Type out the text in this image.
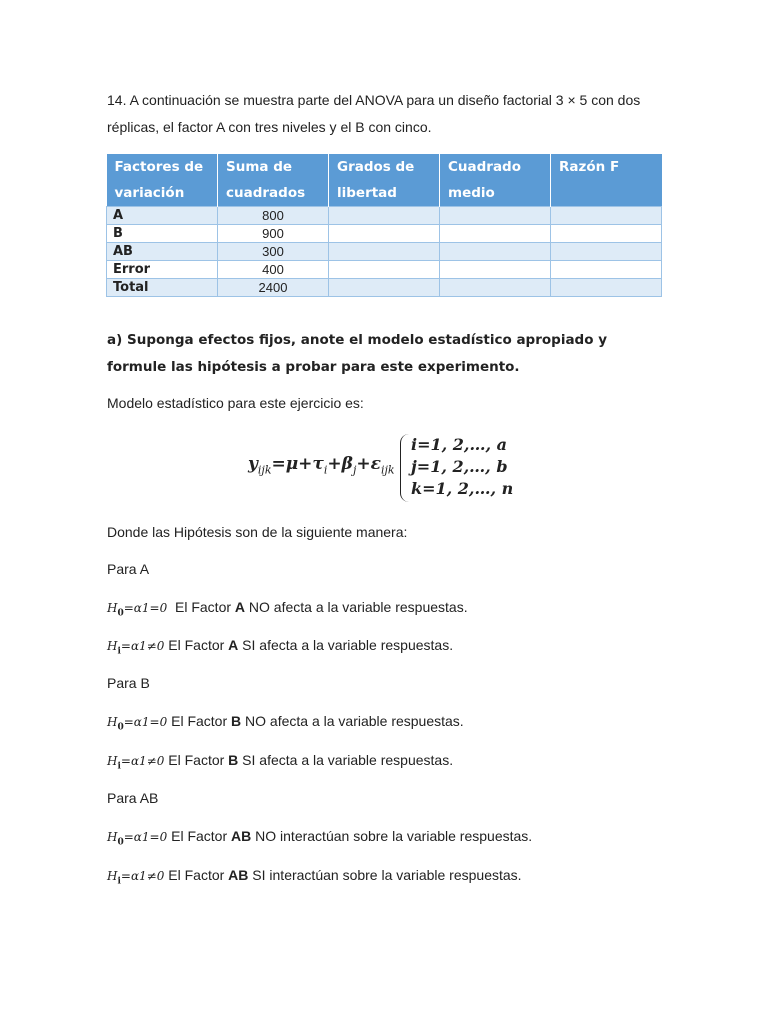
14. A continuación se muestra parte del ANOVA para un diseño factorial 3 × 5 con dos réplicas, el factor A con tres niveles y el B con cinco.
Factores de variación	Suma de cuadrados	Grados de libertad	Cuadrado medio	Razón F
A	800			
B	900			
AB	300			
Error	400			
Total	2400			
a) Suponga efectos fijos, anote el modelo estadístico apropiado y formule las hipótesis a probar para este experimento.
Modelo estadístico para este ejercicio es:
$y_{ijk}=\mu+\tau_i+\beta_j+\varepsilon_{ijk}$
i=1, 2,…, a
j=1, 2,…, b
k=1, 2,…, n
Donde las Hipótesis son de la siguiente manera:
Para A
$H_0=\alpha 1=0$  El Factor A NO afecta a la variable respuestas.
$H_i=\alpha 1\ne 0$ El Factor A SI afecta a la variable respuestas.
Para B
$H_0=\alpha 1=0$ El Factor B NO afecta a la variable respuestas.
$H_i=\alpha 1\ne 0$ El Factor B SI afecta a la variable respuestas.
Para AB
$H_0=\alpha 1=0$ El Factor AB NO interactúan sobre la variable respuestas.
$H_i=\alpha 1\ne 0$ El Factor AB SI interactúan sobre la variable respuestas.
